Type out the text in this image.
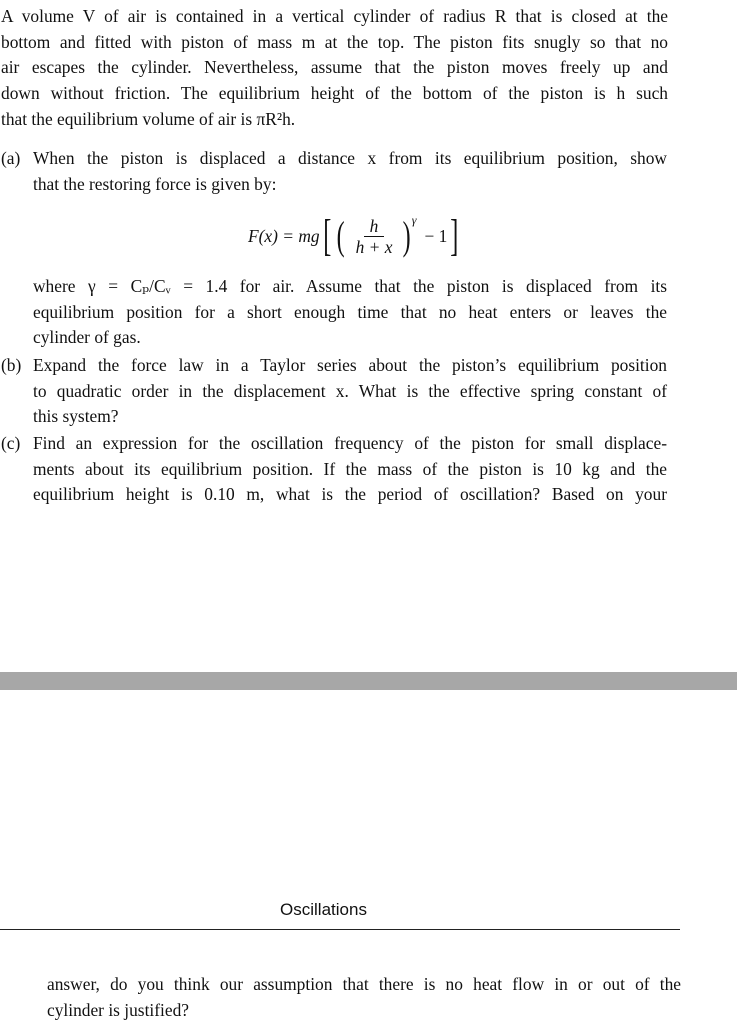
A volume V of air is contained in a vertical cylinder of radius R that is closed at the
bottom and fitted with piston of mass m at the top. The piston fits snugly so that no
air escapes the cylinder. Nevertheless, assume that the piston moves freely up and
down without friction. The equilibrium height of the bottom of the piston is h such
that the equilibrium volume of air is πR²h.
(a) When the piston is displaced a distance x from its equilibrium position, show
that the restoring force is given by:
F(x) = mg [ ( $\frac{h}{h + x}$ ) γ
− 1 ]
where γ = Cₚ/Cᵥ = 1.4 for air. Assume that the piston is displaced from its
equilibrium position for a short enough time that no heat enters or leaves the
cylinder of gas.
(b) Expand the force law in a Taylor series about the piston’s equilibrium position
to quadratic order in the displacement x. What is the effective spring constant of
this system?
(c) Find an expression for the oscillation frequency of the piston for small displace-
ments about its equilibrium position. If the mass of the piston is 10 kg and the
equilibrium height is 0.10 m, what is the period of oscillation? Based on your
Oscillations
answer, do you think our assumption that there is no heat flow in or out of the
cylinder is justified?
